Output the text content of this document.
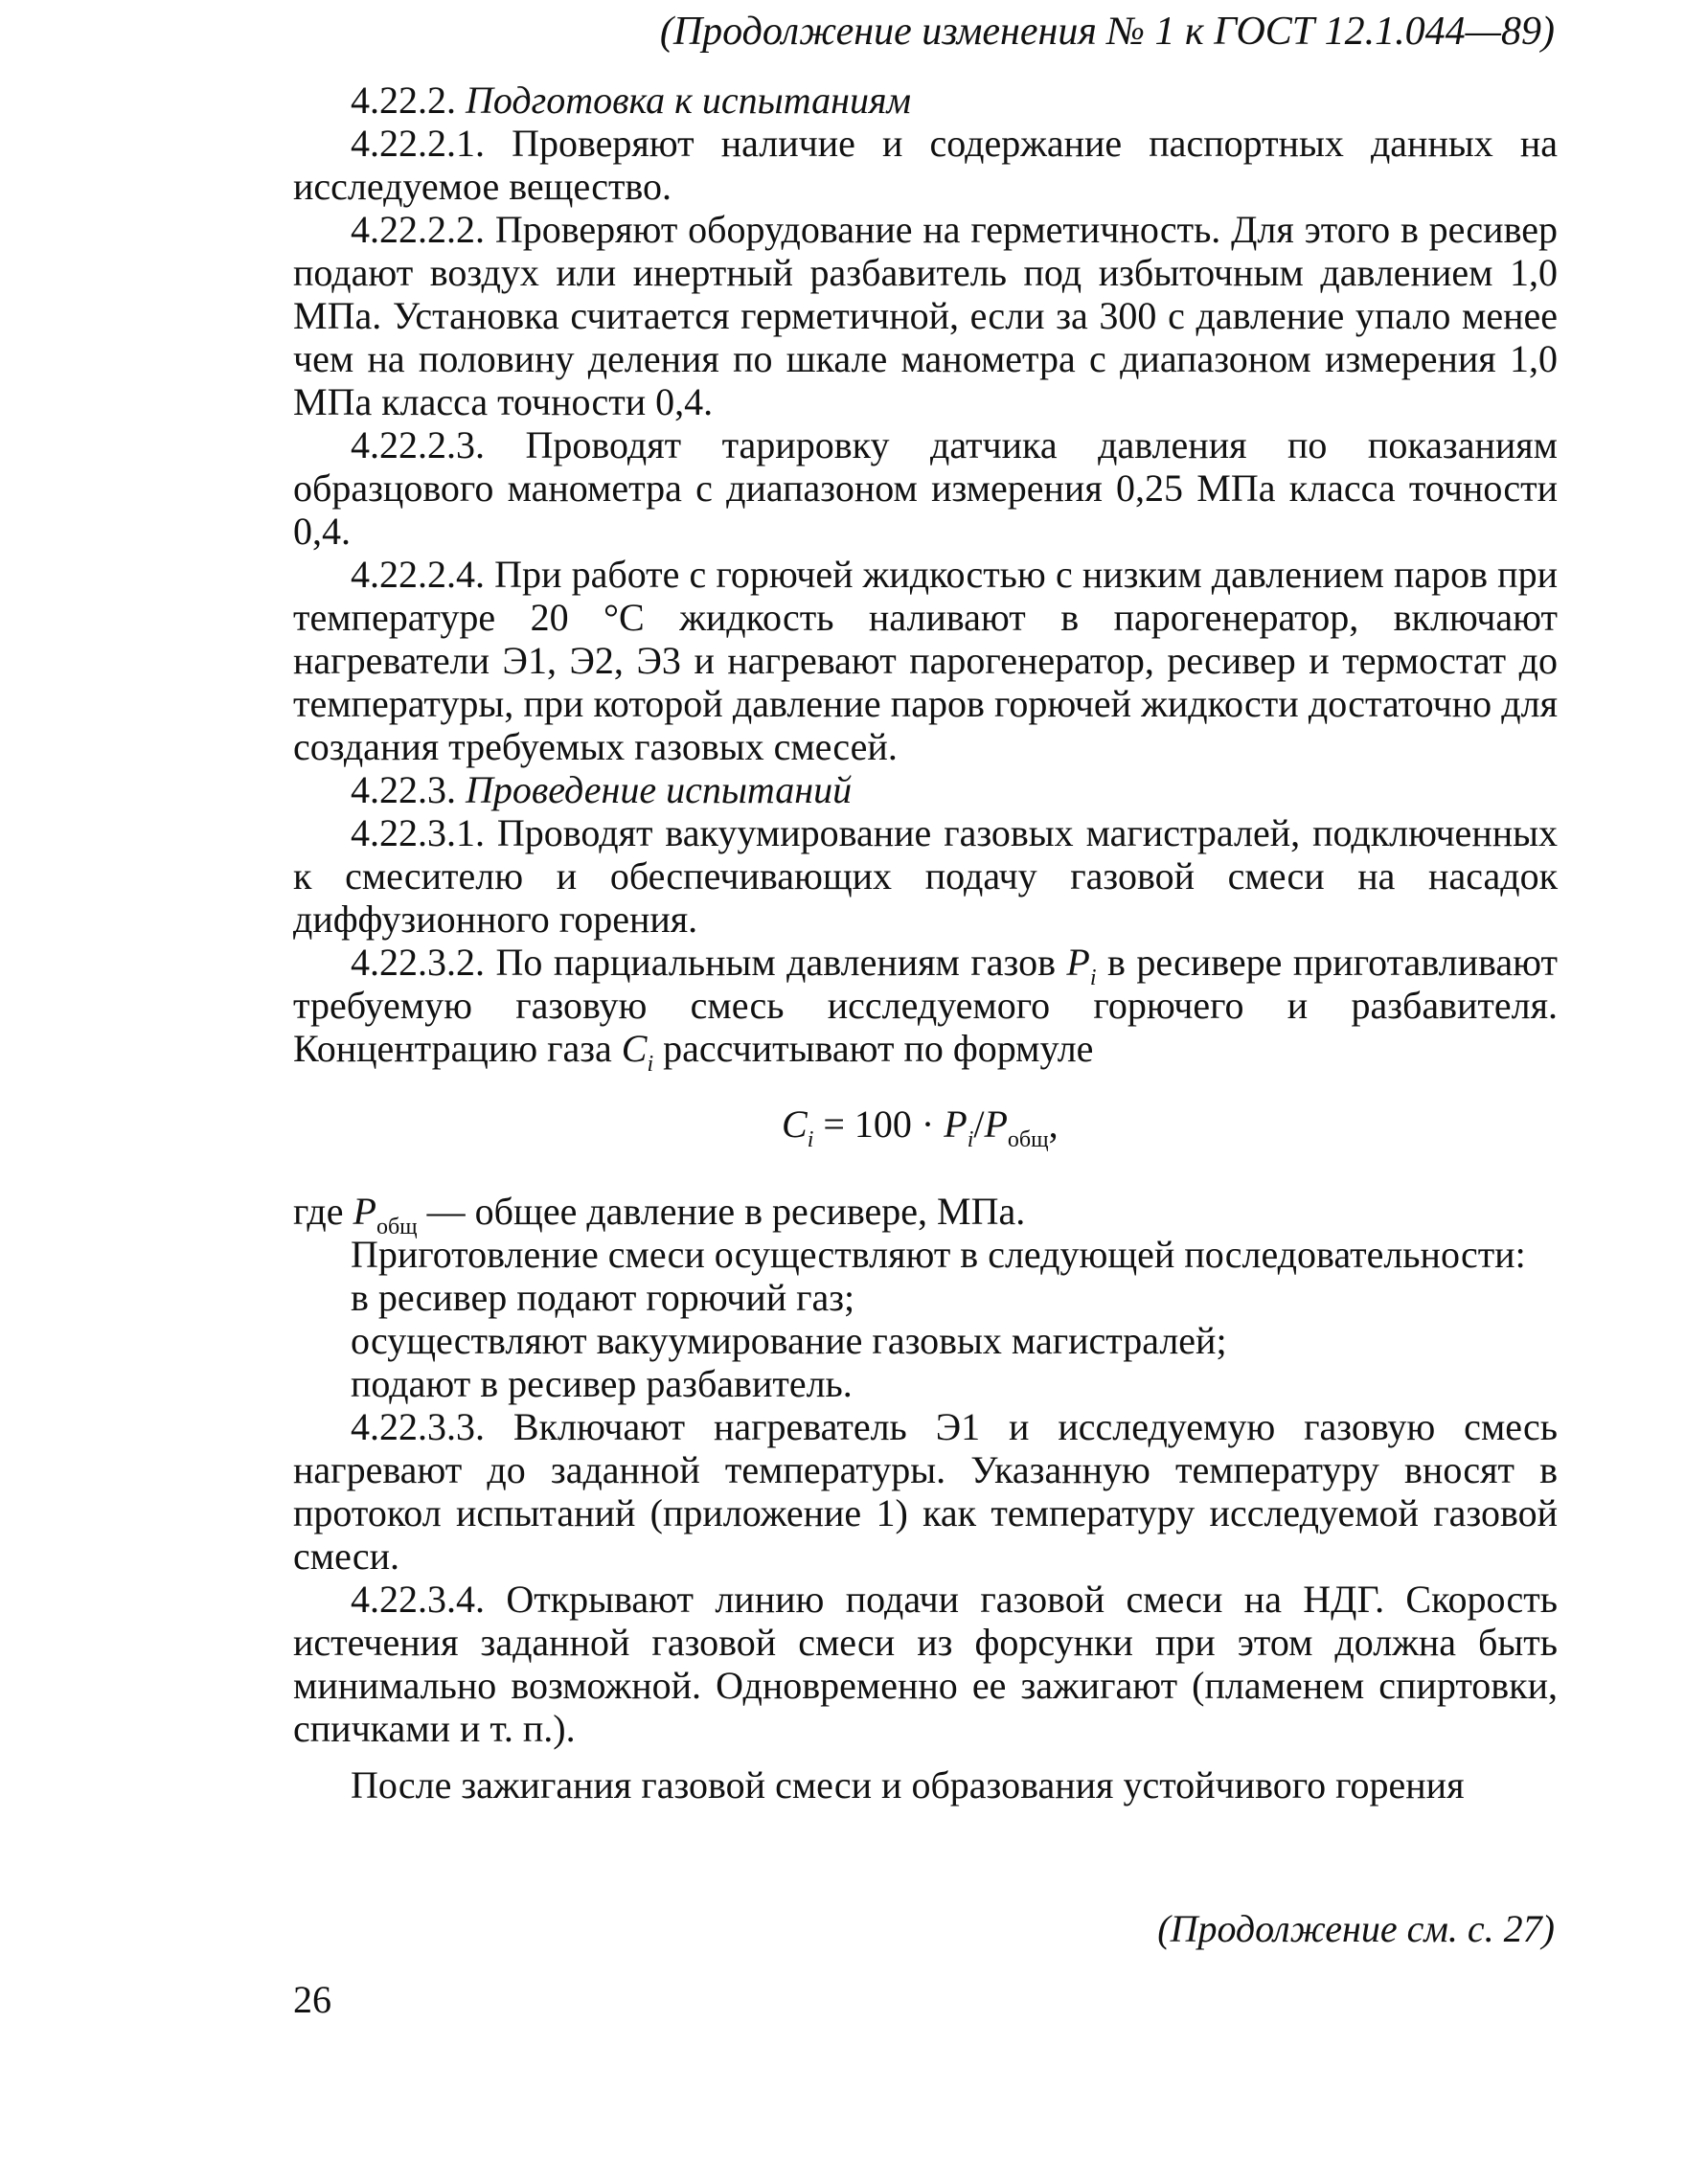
(Продолжение изменения № 1 к ГОСТ 12.1.044—89)

4.22.2. Подготовка к испытаниям

4.22.2.1. Проверяют наличие и содержание паспортных данных на исследуемое вещество.

4.22.2.2. Проверяют оборудование на герметичность. Для этого в ресивер подают воздух или инертный разбавитель под избыточным давлением 1,0 МПа. Установка считается герметичной, если за 300 с давление упало менее чем на половину деления по шкале манометра с диапазоном измерения 1,0 МПа класса точности 0,4.

4.22.2.3. Проводят тарировку датчика давления по показаниям образцового манометра с диапазоном измерения 0,25 МПа класса точности 0,4.

4.22.2.4. При работе с горючей жидкостью с низким давлением паров при температуре 20 °С жидкость наливают в парогенератор, включают нагреватели Э1, Э2, Э3 и нагревают парогенератор, ресивер и термостат до температуры, при которой давление паров горючей жидкости достаточно для создания требуемых газовых смесей.

4.22.3. Проведение испытаний

4.22.3.1. Проводят вакуумирование газовых магистралей, подключенных к смесителю и обеспечивающих подачу газовой смеси на насадок диффузионного горения.

4.22.3.2. По парциальным давлениям газов $P_i$ в ресивере приготавливают требуемую газовую смесь исследуемого горючего и разбавителя. Концентрацию газа $C_i$ рассчитывают по формуле

$C_i = 100 \cdot P_i/P_{общ}$,

где $P_{общ}$ — общее давление в ресивере, МПа.

Приготовление смеси осуществляют в следующей последовательности:

в ресивер подают горючий газ;

осуществляют вакуумирование газовых магистралей;

подают в ресивер разбавитель.

4.22.3.3. Включают нагреватель Э1 и исследуемую газовую смесь нагревают до заданной температуры. Указанную температуру вносят в протокол испытаний (приложение 1) как температуру исследуемой газовой смеси.

4.22.3.4. Открывают линию подачи газовой смеси на НДГ. Скорость истечения заданной газовой смеси из форсунки при этом должна быть минимально возможной. Одновременно ее зажигают (пламенем спиртовки, спичками и т. п.).

После зажигания газовой смеси и образования устойчивого горения

(Продолжение см. с. 27)
26
